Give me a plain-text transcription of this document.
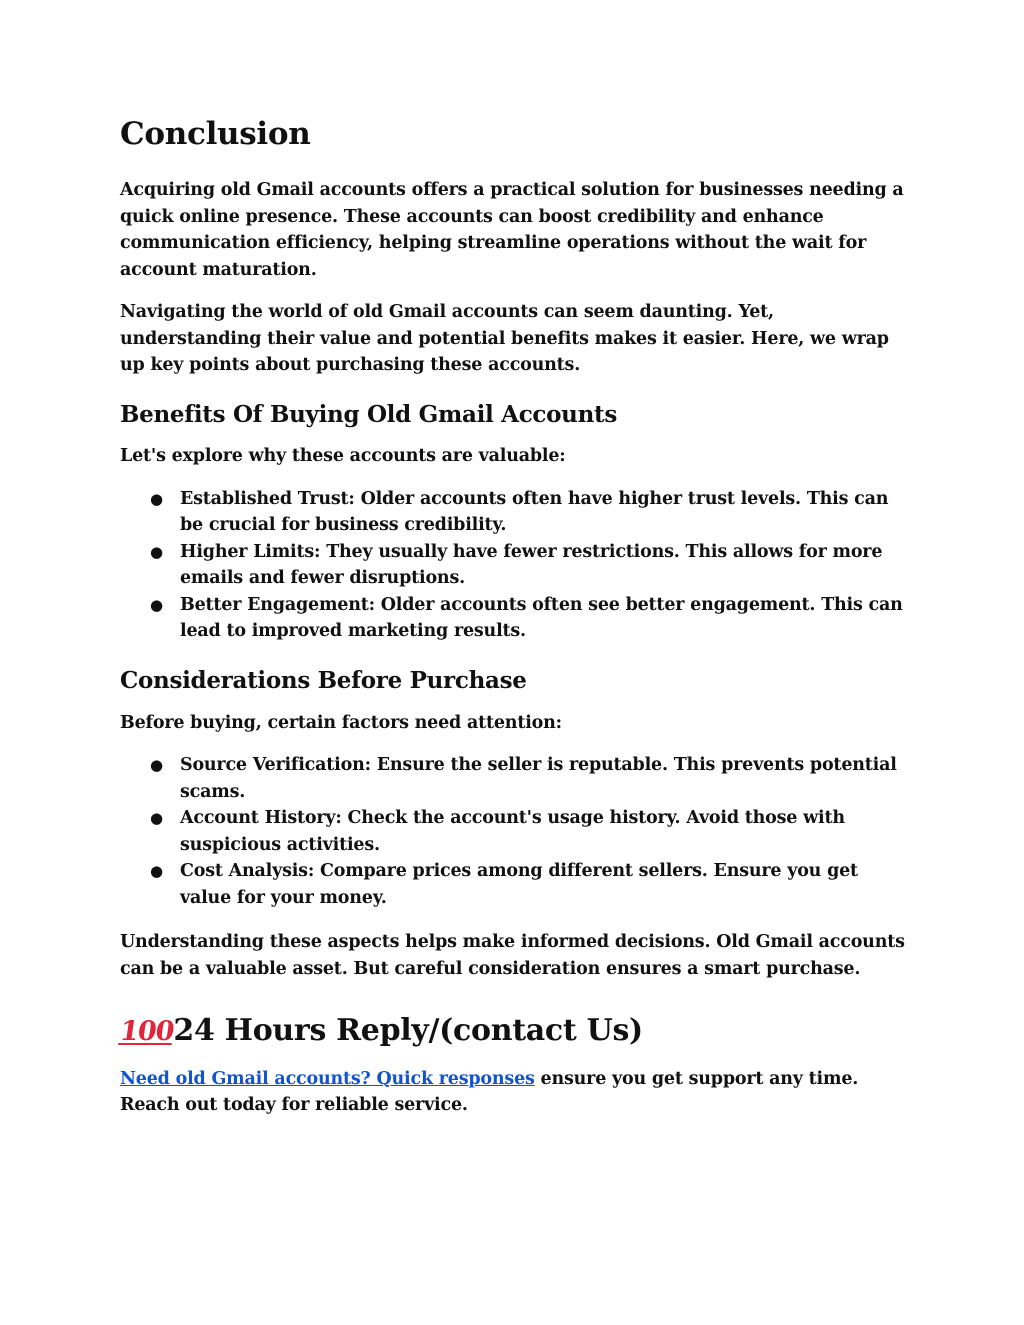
Conclusion

Acquiring old Gmail accounts offers a practical solution for businesses needing a quick online presence. These accounts can boost credibility and enhance communication efficiency, helping streamline operations without the wait for account maturation.

Navigating the world of old Gmail accounts can seem daunting. Yet, understanding their value and potential benefits makes it easier. Here, we wrap up key points about purchasing these accounts.

Benefits Of Buying Old Gmail Accounts

Let's explore why these accounts are valuable:

● Established Trust: Older accounts often have higher trust levels. This can be crucial for business credibility.
● Higher Limits: They usually have fewer restrictions. This allows for more emails and fewer disruptions.
● Better Engagement: Older accounts often see better engagement. This can lead to improved marketing results.
Considerations Before Purchase

Before buying, certain factors need attention:

● Source Verification: Ensure the seller is reputable. This prevents potential scams.
● Account History: Check the account's usage history. Avoid those with suspicious activities.
● Cost Analysis: Compare prices among different sellers. Ensure you get value for your money.

Understanding these aspects helps make informed decisions. Old Gmail accounts can be a valuable asset. But careful consideration ensures a smart purchase.

10024 Hours Reply/(contact Us)

Need old Gmail accounts? Quick responses ensure you get support any time. Reach out today for reliable service.
